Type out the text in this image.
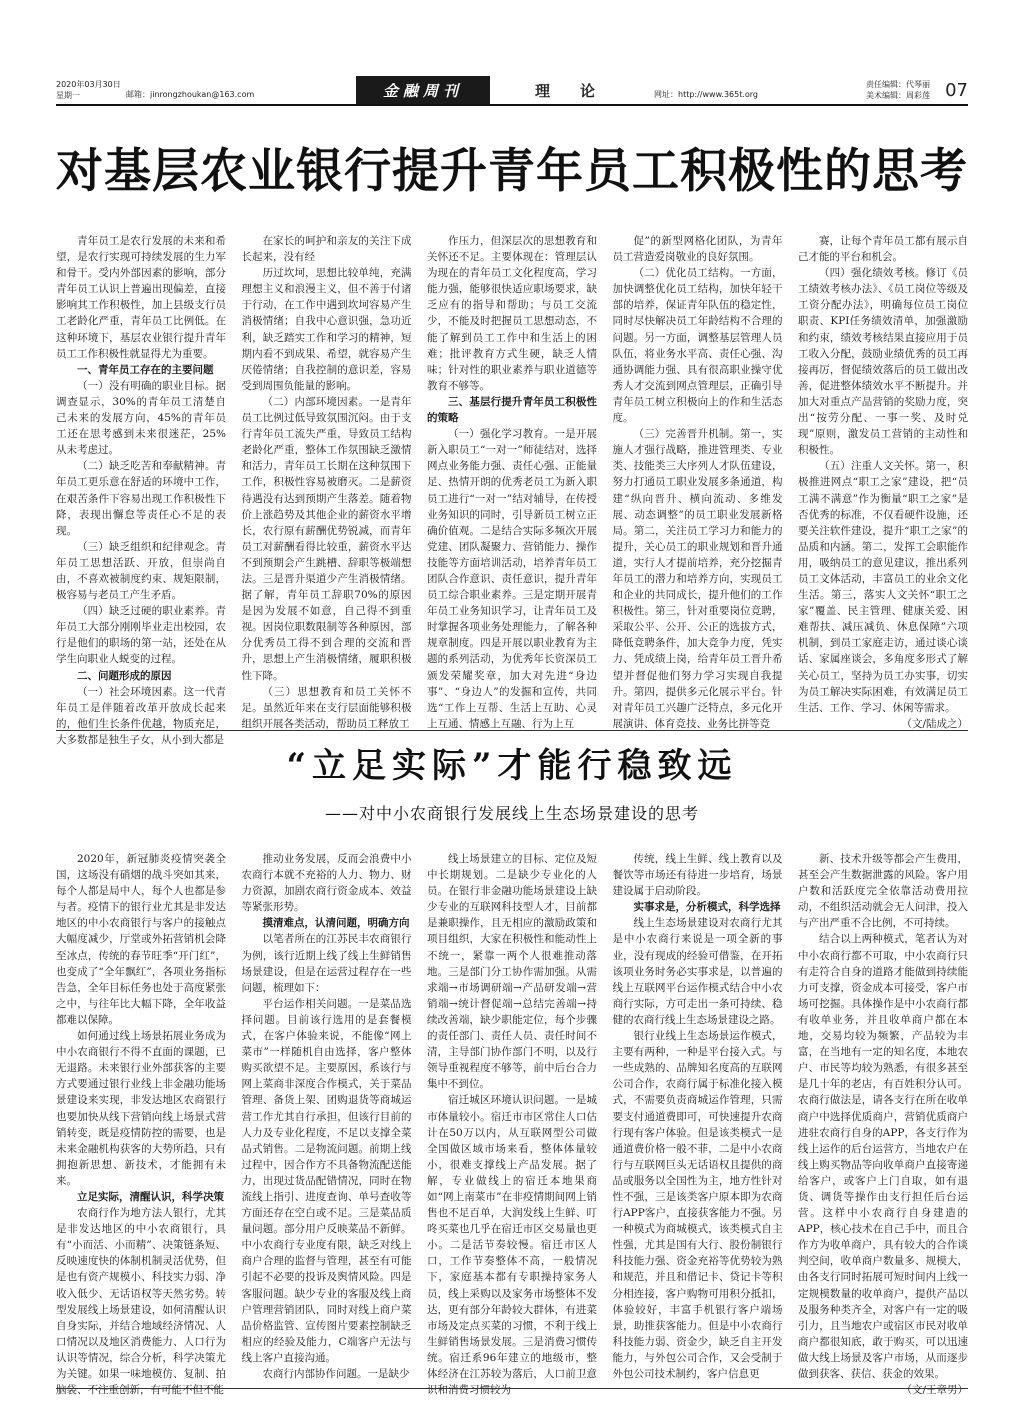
2020年03月30日
星期一	邮箱：jinrongzhoukan@163.com	金融周刊	理论	网址：http://www.365t.org
责任编辑：代琴丽
美术编辑：周彩莲 07
对基层农业银行提升青年员工积极性的思考

青年员工是农行发展的未来和希望，是农行实现可持续发展的生力军和骨干。受内外部因素的影响，部分青年员工认识上普遍出现偏差，直接影响其工作积极性，加上县级支行员工老龄化严重，青年员工比例低。在这种环境下，基层农业银行提升青年员工工作积极性就显得尤为重要。

一、青年员工存在的主要问题

（一）没有明确的职业目标。据调查显示，30%的青年员工清楚自己未来的发展方向，45%的青年员工还在思考感到未来很迷茫，25%从未考虑过。

（二）缺乏吃苦和奉献精神。青年员工更乐意在舒适的环境中工作，在艰苦条件下容易出现工作积极性下降，表现出懈怠等责任心不足的表现。

（三）缺乏组织和纪律观念。青年员工思想活跃、开放，但崇尚自由，不喜欢被制度约束、规矩限制，极容易与老员工产生矛盾。

（四）缺乏过硬的职业素养。青年员工大部分刚刚毕业走出校园，农行是他们的职场的第一站，还处在从学生向职业人蜕变的过程。

二、问题形成的原因

（一）社会环境因素。这一代青年员工是伴随着改革开放成长起来的，他们生长条件优越，物质充足，大多数都是独生子女，从小到大都是

在家长的呵护和亲友的关注下成长起来，没有经

历过坎坷，思想比较单纯，充满理想主义和浪漫主义，但不善于付诸于行动，在工作中遇到坎坷容易产生消极情绪；自我中心意识强，急功近利，缺乏踏实工作和学习的精神，短期内看不到成果、希望，就容易产生厌倦情绪；自我控制的意识差，容易受到周围负能量的影响。

（二）内部环境因素。一是青年员工比例过低导致氛围沉闷。由于支行青年员工流失严重，导致员工结构老龄化严重，整体工作氛围缺乏激情和活力，青年员工长期在这种氛围下工作，积极性容易被磨灭。二是薪资待遇没有达到预期产生落差。随着物价上涨趋势及其他企业的薪资水平增长，农行原有薪酬优势锐减，而青年员工对薪酬看得比较重，薪资水平达不到预期会产生跳槽、辞职等极端想法。三是晋升渠道少产生消极情绪。据了解，青年员工辞职70%的原因是因为发展不如意，自己得不到重视。因岗位职数限制等各种原因，部分优秀员工得不到合理的交流和晋升，思想上产生消极情绪，履职积极性下降。

（三）思想教育和员工关怀不足。虽然近年来在支行层面能够积极组织开展各类活动，帮助员工释放工

作压力，但深层次的思想教育和关怀还不足。主要体现在：管理层认为现在的青年员工文化程度高，学习能力强，能够很快适应职场要求，缺乏应有的指导和帮助；与员工交流少，不能及时把握员工思想动态，不能了解到员工工作中和生活上的困难；批评教育方式生硬，缺乏人情味；针对性的职业素养与职业道德等教育不够等。

三、基层行提升青年员工积极性的策略

（一）强化学习教育。一是开展新入职员工“一对一”师徒结对，选择网点业务能力强、责任心强、正能量足、热情开朗的优秀老员工为新入职员工进行“一对一”结对辅导，在传授业务知识的同时，引导新员工树立正确价值观。二是结合实际多频次开展党建、团队凝聚力、营销能力、操作技能等方面培训活动，培养青年员工团队合作意识、责任意识，提升青年员工综合职业素养。三是定期开展青年员工业务知识学习，让青年员工及时掌握各项业务处理能力，了解各种规章制度。四是开展以职业教育为主题的系列活动，为优秀年长资深员工颁发荣耀奖章，加大对先进“身边事”、“身边人”的发掘和宣传，共同选“工作上互帮、生活上互助、心灵上互通、情感上互融、行为上互

促”的新型网格化团队，为青年员工营造爱岗敬业的良好氛围。

（二）优化员工结构。一方面，加快调整优化员工结构，加快年轻干部的培养，保证青年队伍的稳定性，同时尽快解决员工年龄结构不合理的问题。另一方面，调整基层管理人员队伍，将业务水平高、责任心强、沟通协调能力强、具有很高职业操守优秀人才交流到网点管理层，正确引导青年员工树立积极向上的作和生活态度。

（三）完善晋升机制。第一，实施人才强行战略，推进管理类、专业类、技能类三大序列人才队伍建设，努力打通员工职业发展多条通道，构建“纵向晋升、横向流动、多维发展、动态调整”的员工职业发展新格局。第二，关注员工学习力和能力的提升，关心员工的职业规划和晋升通道，实行人才提前培养，充分挖掘青年员工的潜力和培养方向，实现员工和企业的共同成长，提升他们的工作积极性。第三，针对重要岗位竞聘，采取公平、公开、公正的选拔方式，降低竞聘条件，加大竞争力度，凭实力、凭成绩上岗，给青年员工晋升希望并督促他们努力学习实现自我提升。第四，提供多元化展示平台。针对青年员工兴趣广泛特点，多元化开展演讲、体育竞技、业务比拼等竞

赛，让每个青年员工都有展示自己才能的平台和机会。

（四）强化绩效考核。修订《员工绩效考核办法》、《员工岗位等级及工资分配办法》，明确每位员工岗位职责、KPI任务绩效清单，加强激励和约束，绩效考核结果直接应用于员工收入分配，鼓励业绩优秀的员工再接再厉，督促绩效落后的员工做出改善，促进整体绩效水平不断提升。并加大对重点产品营销的奖励力度，突出“按劳分配、一事一奖、及时兑现”原则，激发员工营销的主动性和积极性。

（五）注重人文关怀。第一，积极推进网点“职工之家”建设，把“员工满不满意”作为衡量“职工之家”是否优秀的标准，不仅看硬件设施，还要关注软件建设，提升“职工之家”的品质和内涵。第二，发挥工会职能作用，吸纳员工的意见建议，推出系列员工文体活动，丰富员工的业余文化生活。第三，落实人文关怀“职工之家”覆盖、民主管理、健康关爱、困难帮扶、减压减负、休息保障”六项机制，到员工家庭走访，通过谈心谈话、家属座谈会，多角度多形式了解关心员工，坚持为员工办实事，切实为员工解决实际困难，有效满足员工生活、工作、学习、休闲等需求。

（文/陆成之）

“立足实际”才能行稳致远
——对中小农商银行发展线上生态场景建设的思考

2020年，新冠肺炎疫情突袭全国，这场没有硝烟的战斗突如其来，每个人都是局中人，每个人也都是参与者。疫情下的银行业尤其是非发达地区的中小农商银行与客户的接触点大幅度减少，厅堂或外拓营销机会降至冰点，传统的春节旺季“开门红”，也变成了“全年飘红”，各项业务指标告急，全年目标任务也处于高度紧张之中，与往年比大幅下降，全年收益都难以保障。

如何通过线上场景拓展业务成为中小农商银行不得不直面的课题，已无退路。未来银行业外部获客的主要方式要通过银行业线上非金融功能场景建设来实现，非发达地区农商银行也要加快从线下营销向线上场景式营销转变，既是疫情防控的需要，也是未来金融机构获客的大势所趋，只有拥抱新思想、新技术，才能拥有未来。

立足实际，清醒认识，科学决策

农商行作为地方法人银行，尤其是非发达地区的中小农商银行，具有“小而活、小而精”、决策链条短、反映速度快的体制机制灵活优势，但是也有资产规模小、科技实力弱、净收入低少、无话语权等天然劣势。转型发展线上场景建设，如何清醒认识自身实际，并结合地域经济情况、人口情况以及地区消费能力、人口行为认识等情况，综合分析，科学决策尤为关键。如果一味地模仿、复制、拍脑袋、不注重创新，有可能不但不能

推动业务发展，反而会浪费中小农商行本就不充裕的人力、物力、财力资源，加剧农商行资金成本、效益等紧张形势。

摸清难点，认清问题，明确方向

以笔者所在的江苏民丰农商银行为例，该行近期上线了线上生鲜销售场景建设，但是在运营过程存在一些问题，梳理如下：

平台运作相关问题。一是菜品选择问题。目前该行选用的是套餐模式，在客户体验来说，不能像“网上菜市”一样随机自由选择，客户整体购买欲望不足。主要原因，系该行与网上菜商非深度合作模式，关于菜品管理、备货上架、团购退货等商城运营工作尤其自行承担，但该行目前的人力及专业化程度，不足以支撑全菜品式销售。二是物流问题。前期上线过程中，因合作方不具备物流配送能力，出现过货品配错情况，同时在物流线上指引、进度查询、单号查收等方面还存在空白或不足。三是菜品质量问题。部分用户反映菜品不新鲜。中小农商行专业度有限，缺乏对线上商户合理的监督与管理，甚至有可能引起不必要的投诉及舆情风险。四是客服问题。缺少专业的客服及线上商户管理营销团队，同时对线上商户菜品价格监管、宣传图片要素控制缺乏相应的经验及能力，C端客户无法与线上客户直接沟通。

农商行内部协作问题。一是缺少

线上场景建立的目标、定位及短中长期规划。二是缺少专业化的人员。在银行非金融功能场景建设上缺少专业的互联网科技型人才，目前都是兼职操作，且无相应的激励政策和项目组织，大家在积极性和能动性上不统一，紧靠一两个人很难推动落地。三是部门分工协作需加强。从需求端→市场调研端→产品研发端→营销端→统计督促端→总结完善端→持续改善端，缺少职能定位，每个步骤的责任部门、责任人员、责任时间不清，主导部门协作部门不明，以及行领导重视程度不够等，前中后台合力集中不到位。

宿迁城区环境认识问题。一是城市体量较小。宿迁市市区常住人口估计在50万以内，从互联网型公司做全国做区域市场来看，整体体量较小，很难支撑线上产品发展。据了解，专业做线上的宿迁本地果商如“网上南菜市”在非疫情期间网上销售也不足百单，大润发线上生鲜、叮咚买菜也几乎在宿迁市区交易量也更小。二是活节奏较慢。宿迁市区人口，工作节奏整体不高，一般情况下，家庭基本都有专职操持家务人员，线上采购以及家务市场整体不发达，更有部分年龄较大群体，有进菜市场及定点买菜的习惯，不利于线上生鲜销售场景发展。三是消费习惯传统。宿迁系96年建立的地级市，整体经济在江苏较为落后，人口前卫意识和消费习惯较为

传统，线上生鲜、线上教育以及餐饮等市场还有待进一步培育，场景建设属于启动阶段。

实事求是，分析模式，科学选择

线上生态场景建设对农商行尤其是中小农商行来说是一项全新的事业，没有现成的经验可借鉴，在开拓该项业务时务必实事求是，以普遍的线上互联网平台运作模式结合中小农商行实际，方可走出一条可持续、稳健的农商行线上生态场景建设之路。

银行业线上生态场景运作模式，主要有两种，一种是平台接入式。与一些成熟的、品牌知名度高的互联网公司合作，农商行属于标准化接入模式，不需要负责商城运作管理，只需要支付通道费即可，可快速提升农商行现有客户体验。但是该类模式一是通道费价格一般不菲，二是中小农商行与互联网巨头无话语权且提供的商品或服务以全国性为主，地方性针对性不强，三是该类客户原本即为农商行APP客户，直接获客能力不强。另一种模式为商城模式，该类模式自主性强，尤其是国有大行、股份制银行科技能力强、资金充裕等优势较为熟和规范，并且和借记卡、贷记卡等积分相连接，客户购物可用积分抵扣，体验较好，丰富手机银行客户端场景，助推获客能力。但是中小农商行科技能力弱、资金少，缺乏自主开发能力，与外包公司合作，又会受制于外包公司技术制约，客户信息更

新、技术升级等都会产生费用，甚至会产生数据泄露的风险。客户用户数和活跃度完全依靠活动费用拉动，不组织活动就会无人问津，投入与产出严重不合比例，不可持续。

结合以上两种模式，笔者认为对中小农商行都不可取，中小农商行只有走符合自身的道路才能做到持续能力可支撑，资金成本可接受，客户市场可挖掘。具体操作是中小农商行都有收单业务，并且收单商户都在本地，交易均较为频繁，产品较为丰富，在当地有一定的知名度，本地农户、市民等均较为熟悉，有很多甚至是几十年的老店，有百姓积分认可。农商行做法是，请各支行在所在收单商户中选择优质商户，营销优质商户进驻农商行自身的APP，各支行作为线上运作的后台运营方，当地农户在线上购买物品等向收单商户直接寄递给客户，或客户上门自取，如有退货、调货等操作由支行担任后台运营。这样中小农商行自身建造的APP，核心技术在自己手中，而且合作方为收单商户，具有较大的合作谈判空间，收单商户数量多、规模大，由各支行同时拓展可短时间内上线一定规模数量的收单商户，提供产品以及服务种类齐全，对客户有一定的吸引力，且当地农户或宿区市民对收单商户都很知底，敢于购买，可以迅速做大线上场景及客户市场，从而逐步做到获客、获信、获金的效果。

（文/王章男）
